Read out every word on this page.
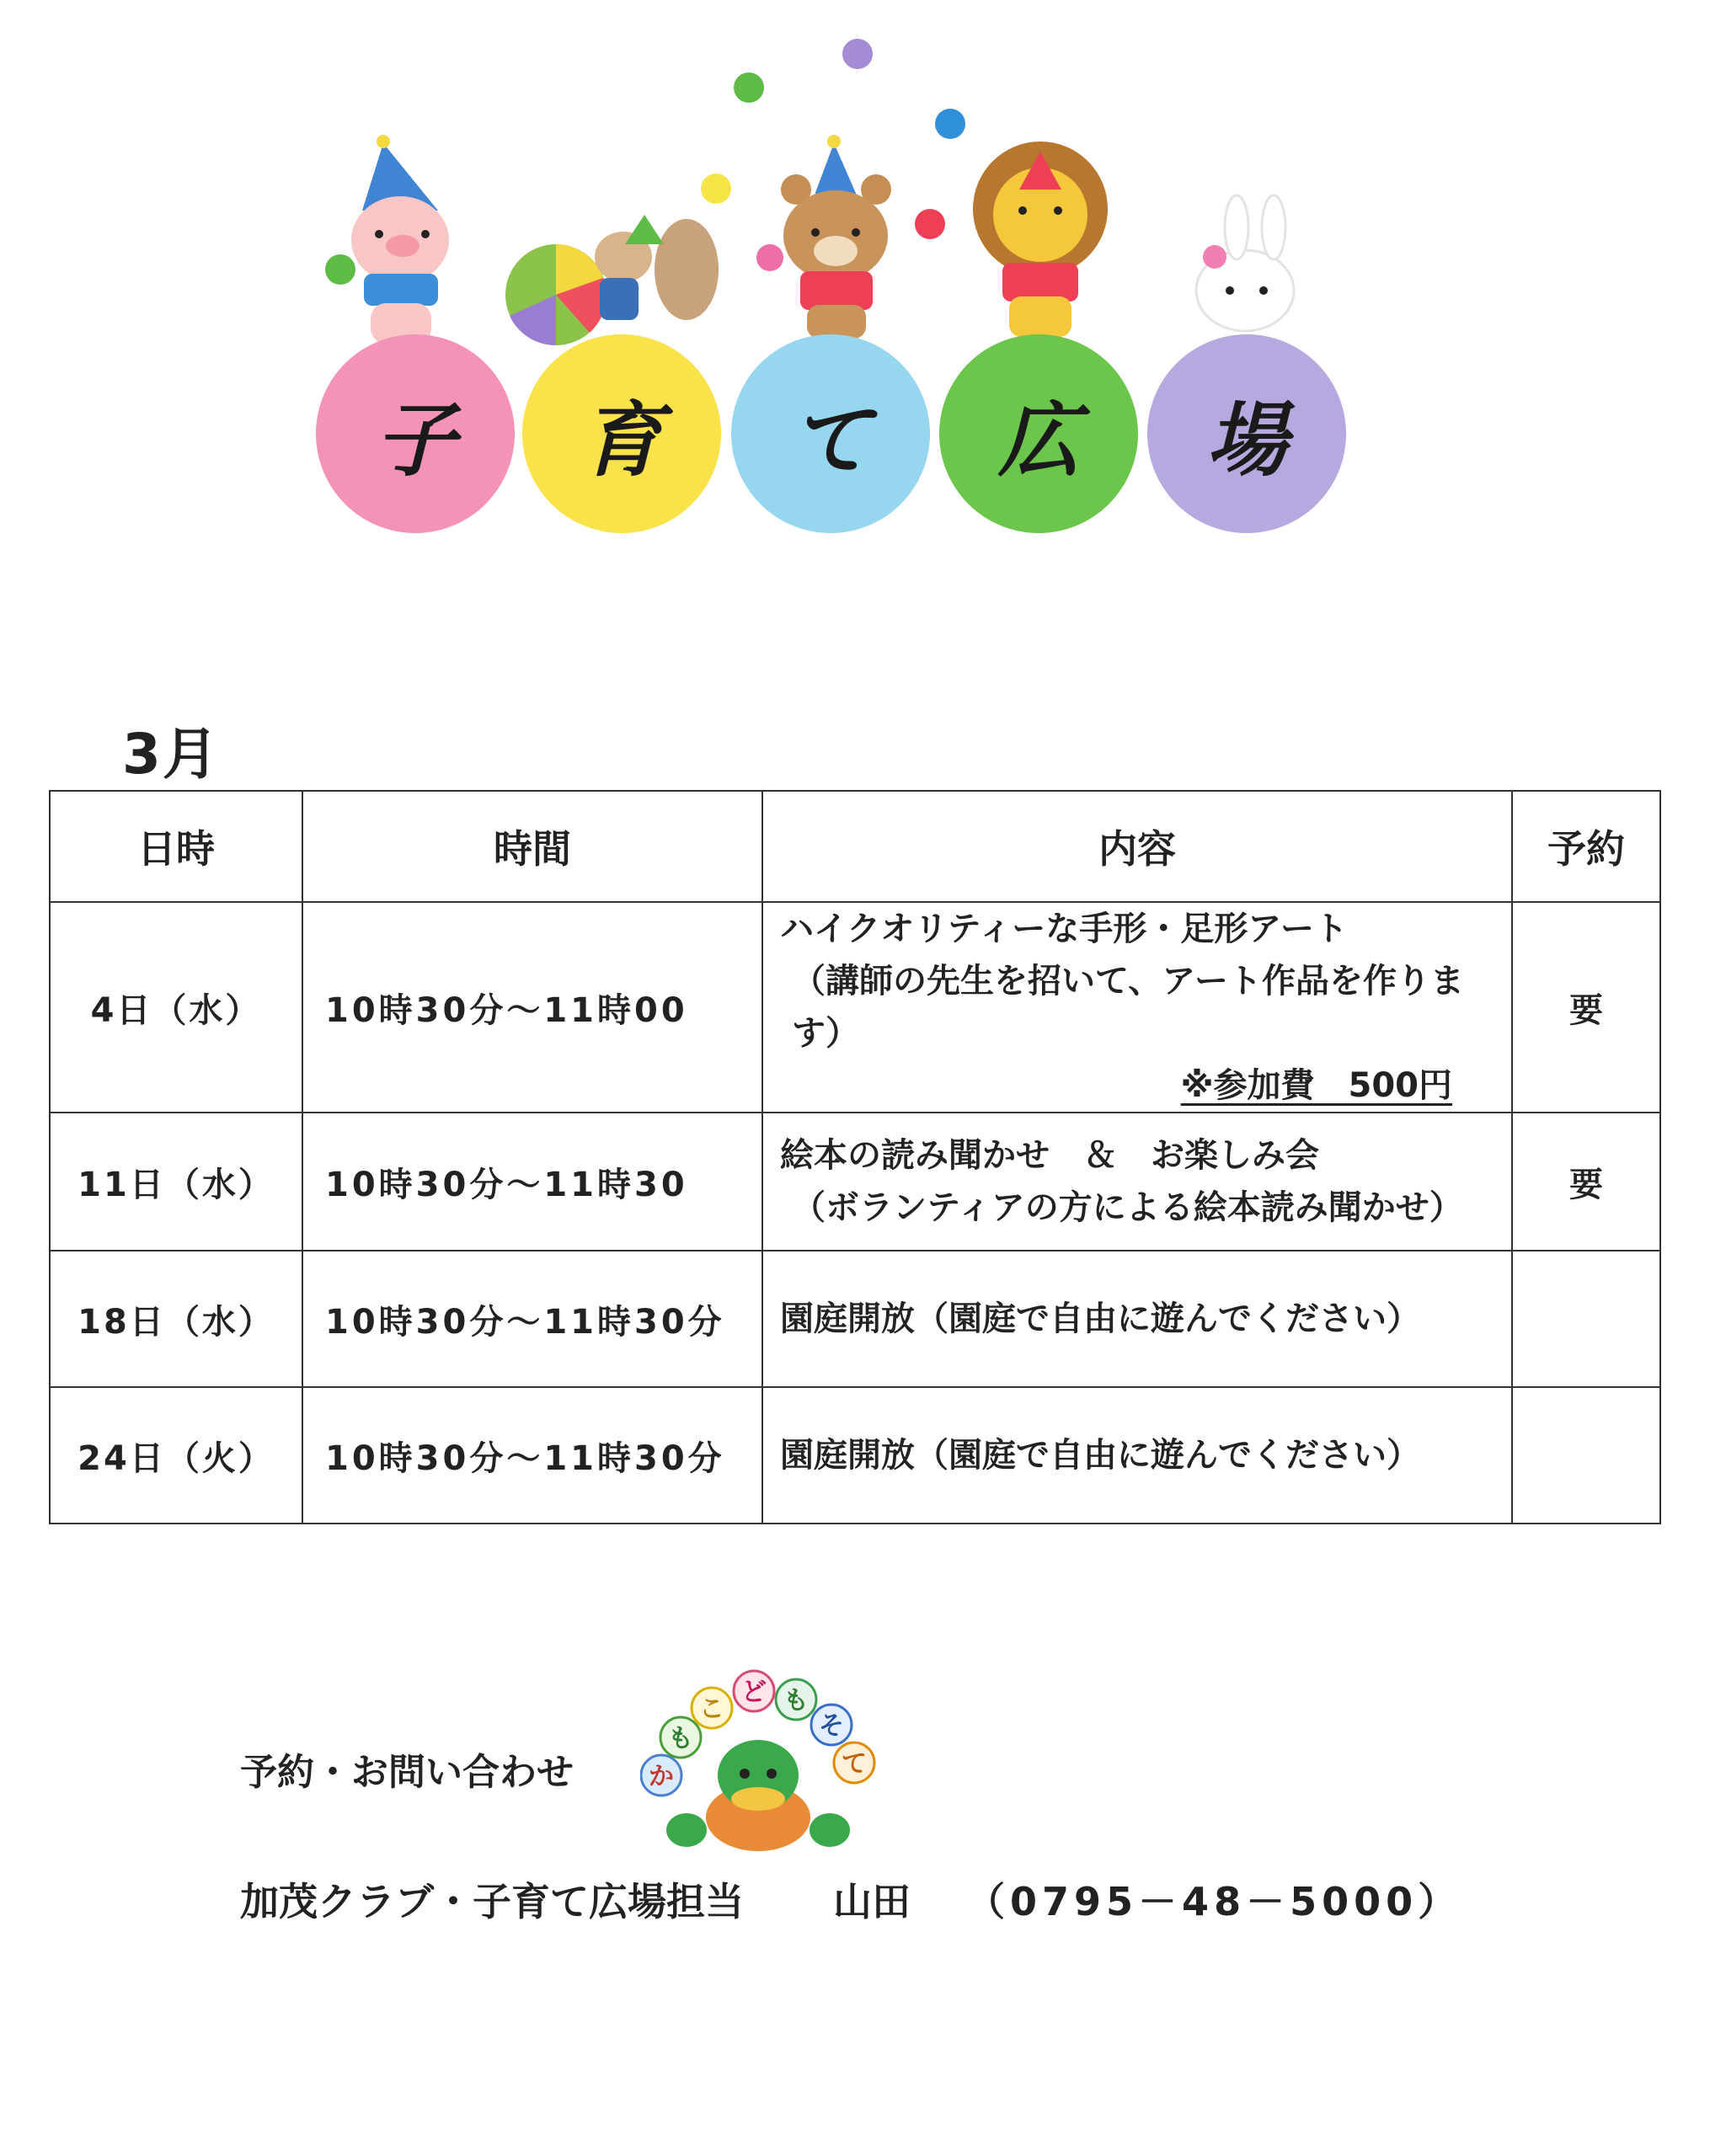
子 育 て 広 場
3月
日時	時間	内容	予約
4日（水）	10時30分～11時00	ハイクオリティーな手形・足形アート
（講師の先生を招いて、アート作品を作ります）
※参加費　500円	要
11日（水）	10時30分～11時30	絵本の読み聞かせ　＆　お楽しみ会
（ボランティアの方による絵本読み聞かせ）	要
18日（水）	10時30分～11時30分	園庭開放（園庭で自由に遊んでください）	
24日（火）	10時30分～11時30分	園庭開放（園庭で自由に遊んでください）	
予約・お問い合わせ	か
も
こ
ど も
そ
て
加茂クラブ・子育て広場担当 山田 （0795－48－5000）
